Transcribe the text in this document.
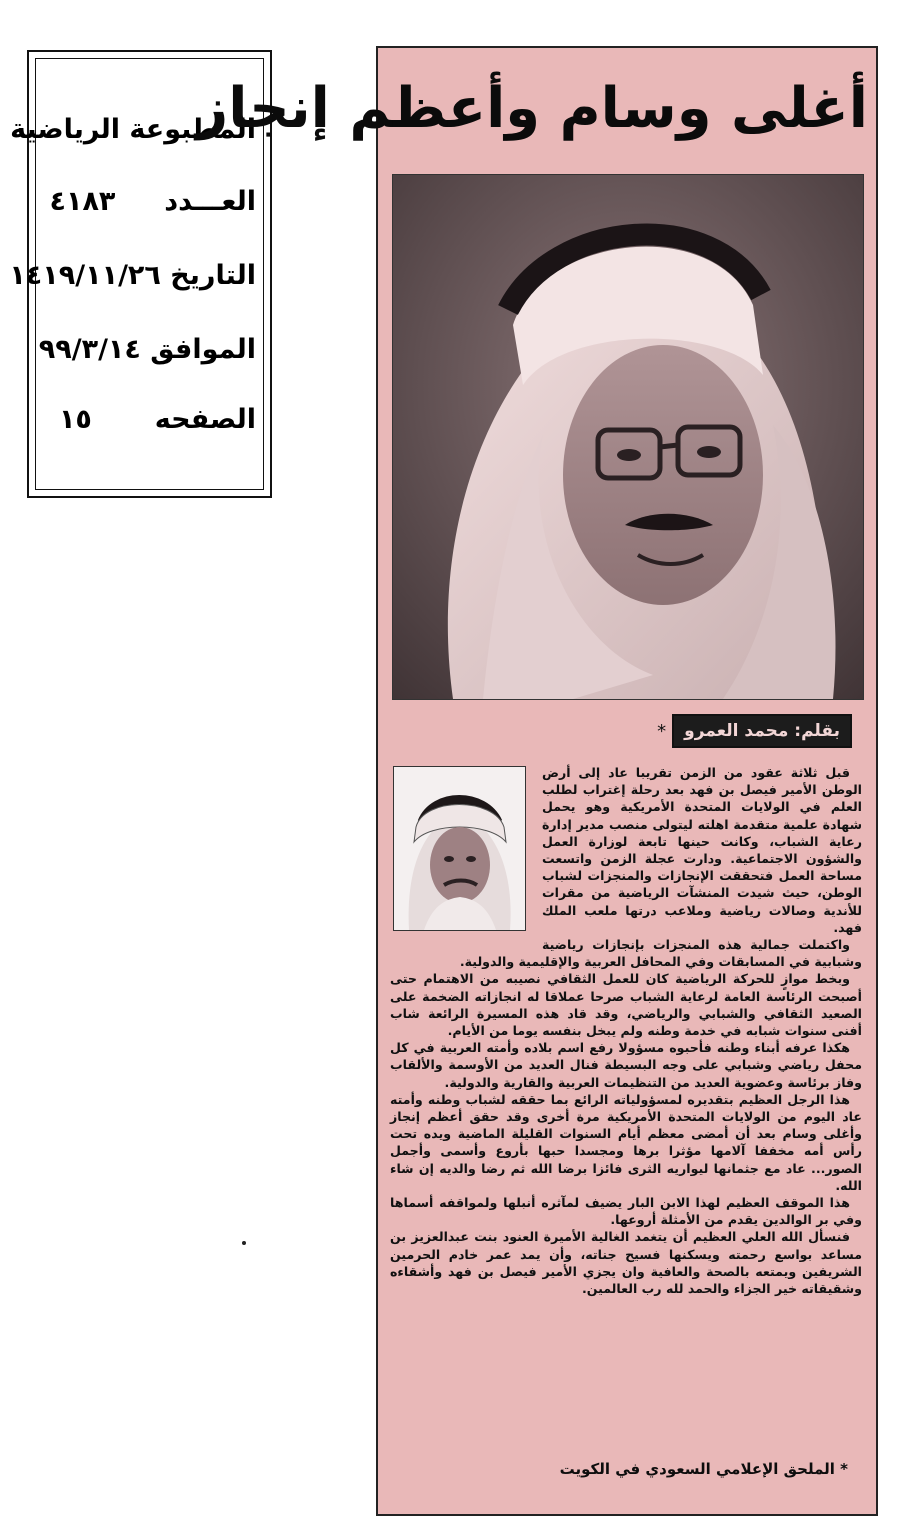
المطبوعة الرياضية
العـــدد  ٤١٨٣
التاريخ ١٤١٩/١١/٢٦
الموافق ٩٩/٣/١٤
الصفحه  ١٥
أغلى وسام وأعظم إنجاز
بقلم: محمد العمرو*

قبل ثلاثة عقود من الزمن تقريبا عاد إلى أرض الوطن الأمير فيصل بن فهد بعد رحلة إغتراب لطلب العلم في الولايات المتحدة الأمريكية وهو يحمل شهادة علمية متقدمة اهلته ليتولى منصب مدير إدارة رعاية الشباب، وكانت حينها تابعة لوزارة العمل والشؤون الاجتماعية. ودارت عجلة الزمن واتسعت مساحة العمل فتحققت الإنجازات والمنجزات لشباب الوطن، حيث شيدت المنشآت الرياضية من مقرات للأندية وصالات رياضية وملاعب درتها ملعب الملك فهد.

واكتملت جمالية هذه المنجزات بإنجازات رياضية وشبابية في المسابقات وفي المحافل العربية والإقليمية والدولية.

وبخط موازٍ للحركة الرياضية كان للعمل الثقافي نصيبه من الاهتمام حتى أصبحت الرئاسة العامة لرعاية الشباب صرحا عملاقا له انجازاته الضخمة على الصعيد الثقافي والشبابي والرياضي، وقد قاد هذه المسيرة الرائعة شاب أفنى سنوات شبابه في خدمة وطنه ولم يبخل بنفسه يوما من الأيام.

هكذا عرفه أبناء وطنه فأحبوه مسؤولا رفع اسم بلاده وأمته العربية في كل محفل رياضي وشبابي على وجه البسيطة فنال العديد من الأوسمة والألقاب وفاز برئاسة وعضوية العديد من التنظيمات العربية والقارية والدولية.

هذا الرجل العظيم بتقديره لمسؤولياته الرائع بما حققه لشباب وطنه وأمته عاد اليوم من الولايات المتحدة الأمريكية مرة أخرى وقد حقق أعظم إنجاز وأغلى وسام بعد أن أمضى معظم أيام السنوات القليلة الماضية ويده تحت رأس أمه مخففا آلامها مؤثرا برها ومجسدا حبها بأروع وأسمى وأجمل الصور... عاد مع جثمانها ليواريه الثرى فائزا برضا الله ثم رضا والديه إن شاء الله.

هذا الموقف العظيم لهذا الابن البار يضيف لمآثره أنبلها ولمواقفه أسماها وفي بر الوالدين يقدم من الأمثلة أروعها.

فنسأل الله العلي العظيم أن يتغمد الغالية الأميرة العنود بنت عبدالعزيز بن مساعد بواسع رحمته ويسكنها فسيح جناته، وأن يمد عمر خادم الحرمين الشريفين ويمتعه بالصحة والعافية وان يجزي الأمير فيصل بن فهد وأشقاءه وشقيقاته خير الجزاء والحمد لله رب العالمين.

* الملحق الإعلامي السعودي في الكويت
